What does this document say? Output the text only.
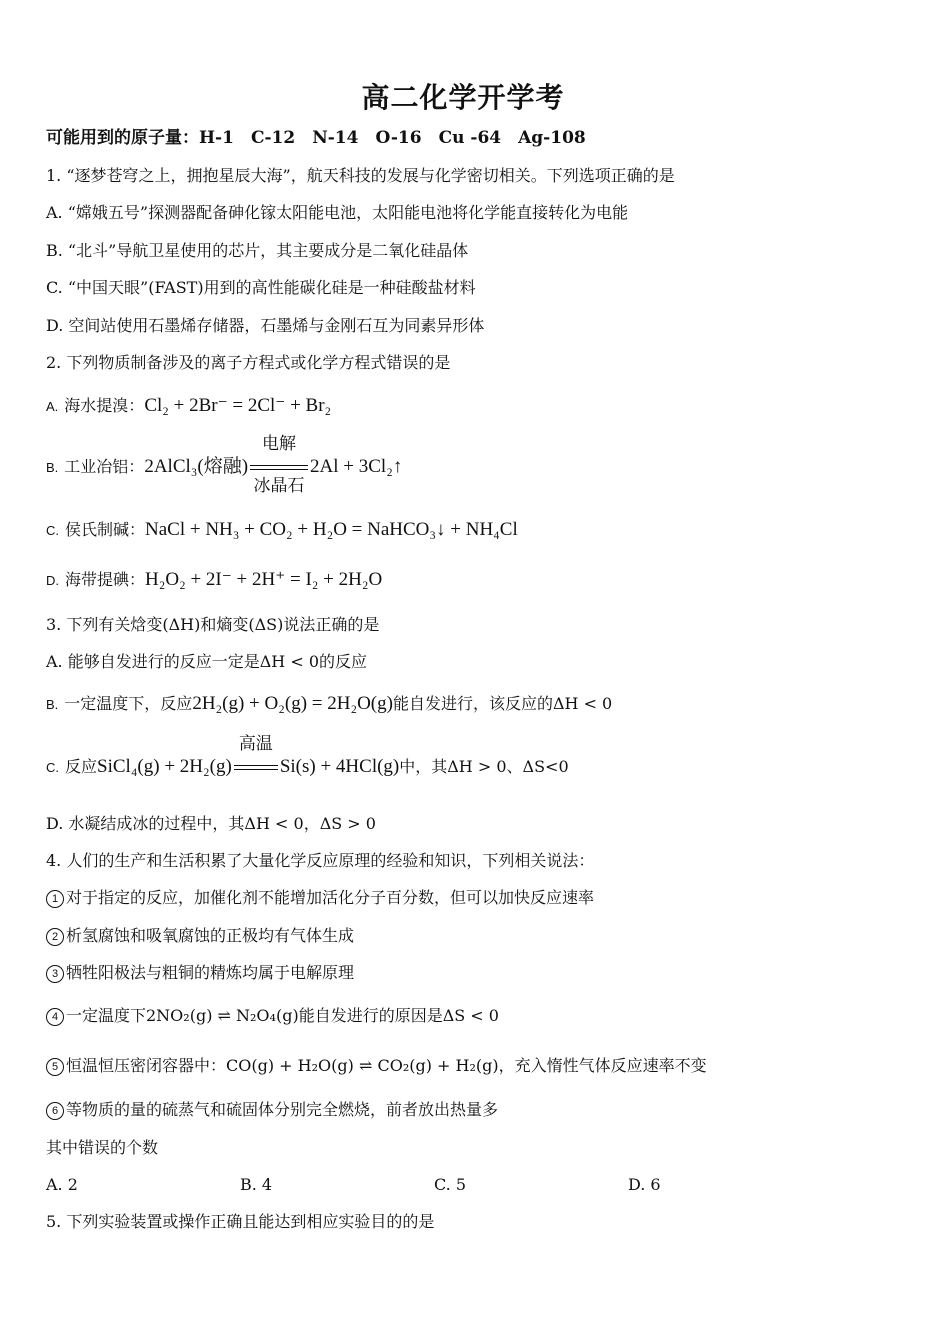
高二化学开学考
可能用到的原子量：H-1　C-12　N-14　O-16　Cu -64　Ag-108
1. “逐梦苍穹之上，拥抱星辰大海”，航天科技的发展与化学密切相关。下列选项正确的是
A. “嫦娥五号”探测器配备砷化镓太阳能电池，太阳能电池将化学能直接转化为电能
B. “北斗”导航卫星使用的芯片，其主要成分是二氧化硅晶体
C. “中国天眼”(FAST)用到的高性能碳化硅是一种硅酸盐材料
D. 空间站使用石墨烯存储器，石墨烯与金刚石互为同素异形体
2. 下列物质制备涉及的离子方程式或化学方程式错误的是
A. 海水提溴：Cl₂ + 2Br⁻ = 2Cl⁻ + Br₂
B. 工业冶铝：2AlCl₃(熔融)
电解
冰晶石
2Al + 3Cl₂↑
C. 侯氏制碱：NaCl + NH₃ + CO₂ + H₂O = NaHCO₃↓ + NH₄Cl
D. 海带提碘：H₂O₂ + 2I⁻ + 2H⁺ = I₂ + 2H₂O
3. 下列有关焓变(ΔH)和熵变(ΔS)说法正确的是
A. 能够自发进行的反应一定是ΔH < 0的反应
B. 一定温度下，反应2H₂(g) + O₂(g) = 2H₂O(g)能自发进行，该反应的ΔH < 0
C. 反应SiCl₄(g) + 2H₂(g)
高温
Si(s) + 4HCl(g)中，其ΔH > 0、ΔS<0
D. 水凝结成冰的过程中，其ΔH < 0，ΔS > 0
4. 人们的生产和生活积累了大量化学反应原理的经验和知识，下列相关说法：
1 对于指定的反应，加催化剂不能增加活化分子百分数，但可以加快反应速率
2 析氢腐蚀和吸氧腐蚀的正极均有气体生成
3 牺牲阳极法与粗铜的精炼均属于电解原理
4 一定温度下2NO₂(g) ⇌ N₂O₄(g)能自发进行的原因是ΔS < 0
5 恒温恒压密闭容器中：CO(g) + H₂O(g) ⇌ CO₂(g) + H₂(g)，充入惰性气体反应速率不变
6 等物质的量的硫蒸气和硫固体分别完全燃烧，前者放出热量多
其中错误的个数
A. 2	B. 4	C. 5	D. 6
5. 下列实验装置或操作正确且能达到相应实验目的的是
